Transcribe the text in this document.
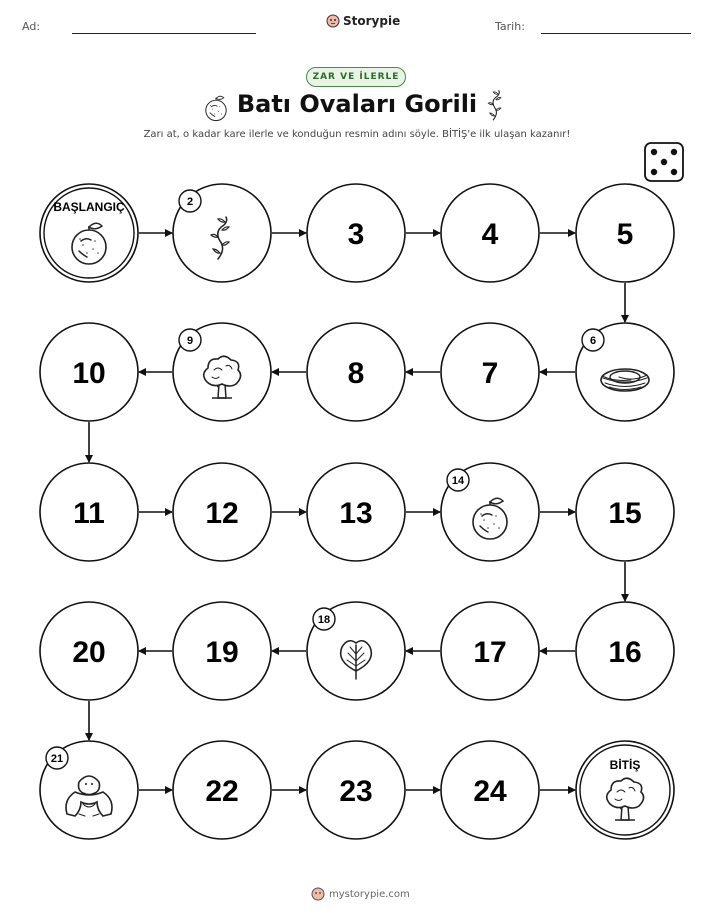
Ad:	Storypie	Tarih:
ZAR VE İLERLE
Batı Ovaları Gorili
Zarı at, o kadar kare ilerle ve konduğun resmin adını söyle. BİTİŞ'e ilk ulaşan kazanır!
BAŞLANGIÇ	2
3	4	5
6
7
8
9
10
11	12	13
14
15
16
17
18
19
20
21
22	23	24
BİTİŞ
mystorypie.com
